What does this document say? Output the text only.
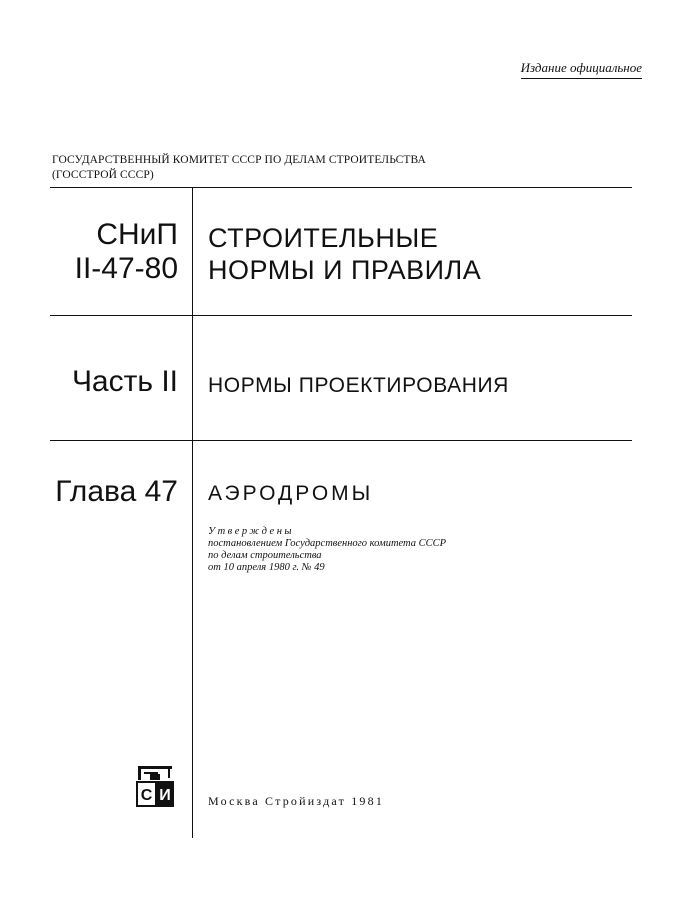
Издание официальное
ГОСУДАРСТВЕННЫЙ КОМИТЕТ СССР ПО ДЕЛАМ СТРОИТЕЛЬСТВА
(ГОССТРОЙ СССР)
СНиП
II-47-80
СТРОИТЕЛЬНЫЕ
НОРМЫ И ПРАВИЛА
Часть II НОРМЫ ПРОЕКТИРОВАНИЯ
Глава 47 АЭРОДРОМЫ
Утверждены
постановлением Государственного комитета СССР
по делам строительства
от 10 апреля 1980 г. № 49
С И	Москва Стройиздат 1981
